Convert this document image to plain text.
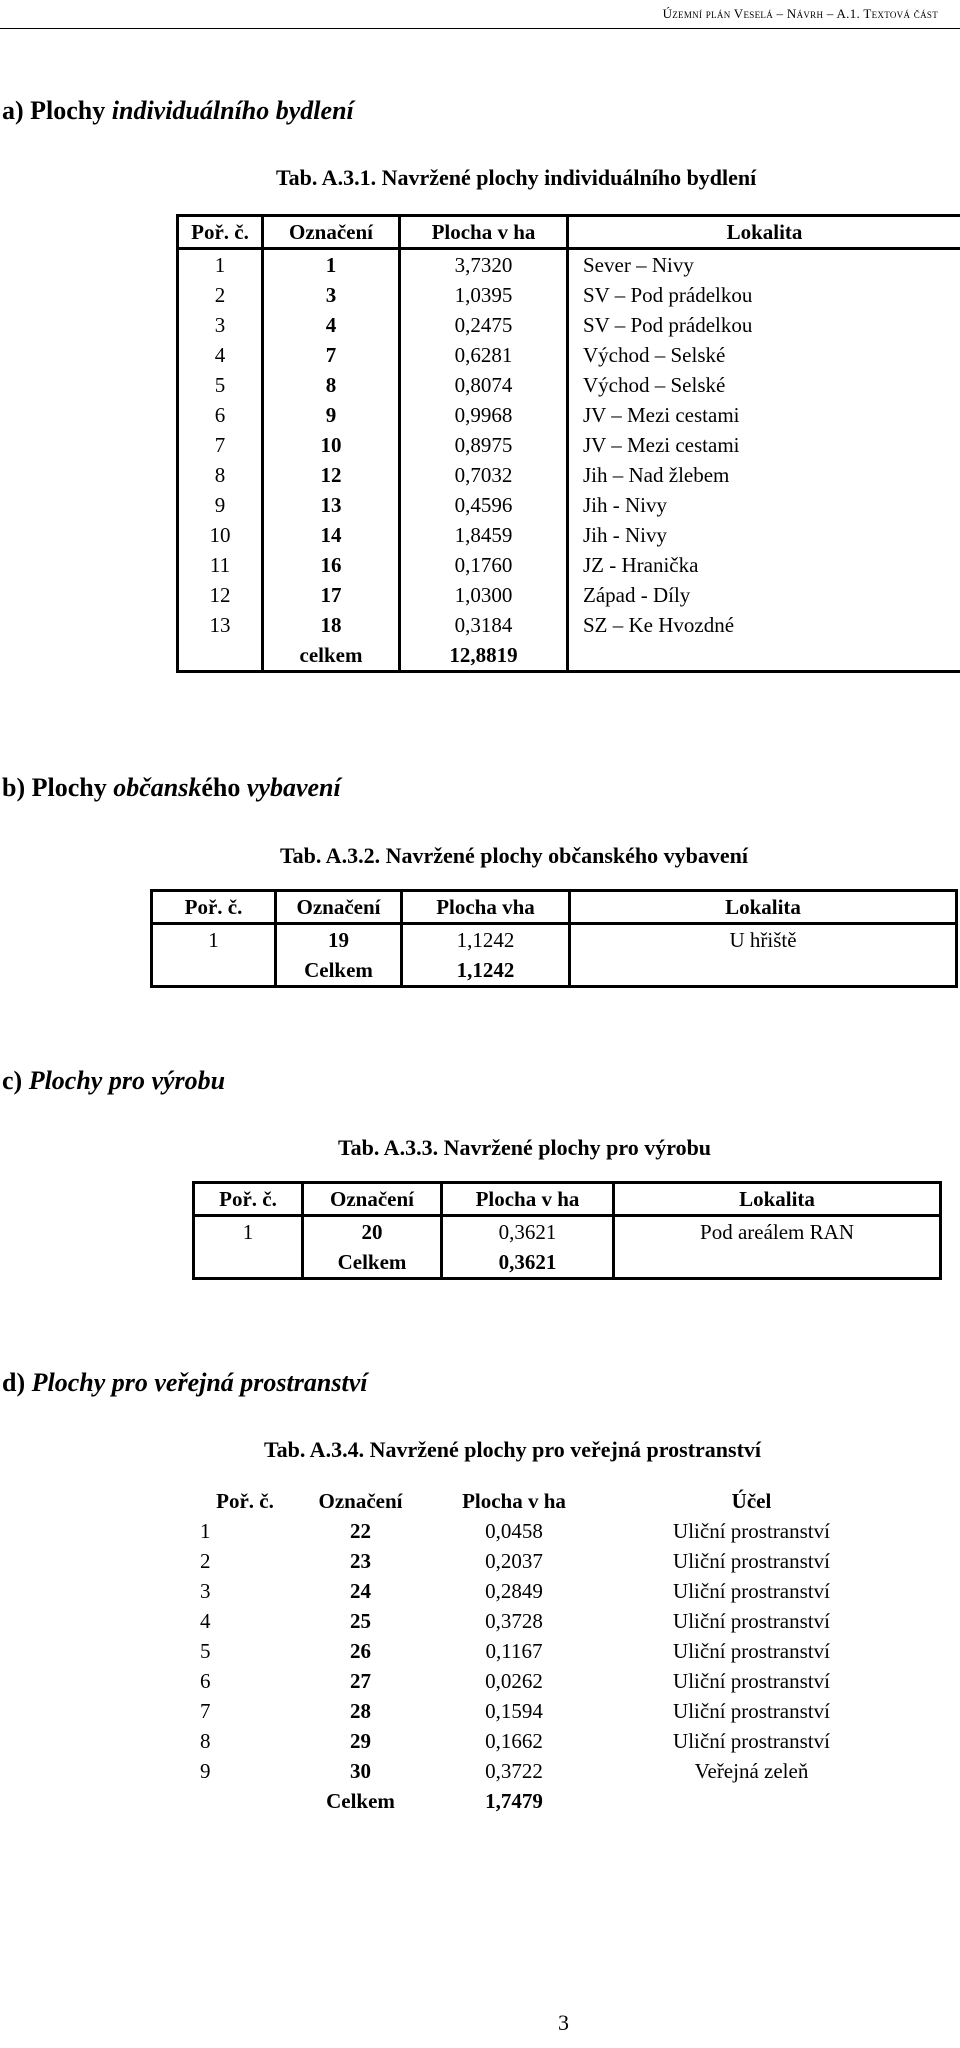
Územní plán Veselá – Návrh – A.1. Textová část
a) Plochy individuálního bydlení
Tab. A.3.1. Navržené plochy individuálního bydlení
Poř. č.	Označení	Plocha v ha	Lokalita
1	1	3,7320	Sever – Nivy
2	3	1,0395	SV – Pod prádelkou
3	4	0,2475	SV – Pod prádelkou
4	7	0,6281	Východ – Selské
5	8	0,8074	Východ – Selské
6	9	0,9968	JV – Mezi cestami
7	10	0,8975	JV – Mezi cestami
8	12	0,7032	Jih – Nad žlebem
9	13	0,4596	Jih - Nivy
10	14	1,8459	Jih - Nivy
11	16	0,1760	JZ - Hranička
12	17	1,0300	Západ - Díly
13	18	0,3184	SZ – Ke Hvozdné
	celkem	12,8819	
b) Plochy občanského vybavení
Tab. A.3.2. Navržené plochy občanského vybavení
Poř. č.	Označení	Plocha vha	Lokalita
1	19	1,1242	U hřiště
	Celkem	1,1242	
c) Plochy pro výrobu
Tab. A.3.3. Navržené plochy pro výrobu
Poř. č.	Označení	Plocha v ha	Lokalita
1	20	0,3621	Pod areálem RAN
	Celkem	0,3621	
d) Plochy pro veřejná prostranství
Tab. A.3.4. Navržené plochy pro veřejná prostranství
Poř. č.	Označení	Plocha v ha	Účel
1	22	0,0458	Uliční prostranství
2	23	0,2037	Uliční prostranství
3	24	0,2849	Uliční prostranství
4	25	0,3728	Uliční prostranství
5	26	0,1167	Uliční prostranství
6	27	0,0262	Uliční prostranství
7	28	0,1594	Uliční prostranství
8	29	0,1662	Uliční prostranství
9	30	0,3722	Veřejná zeleň
	Celkem	1,7479	
3
